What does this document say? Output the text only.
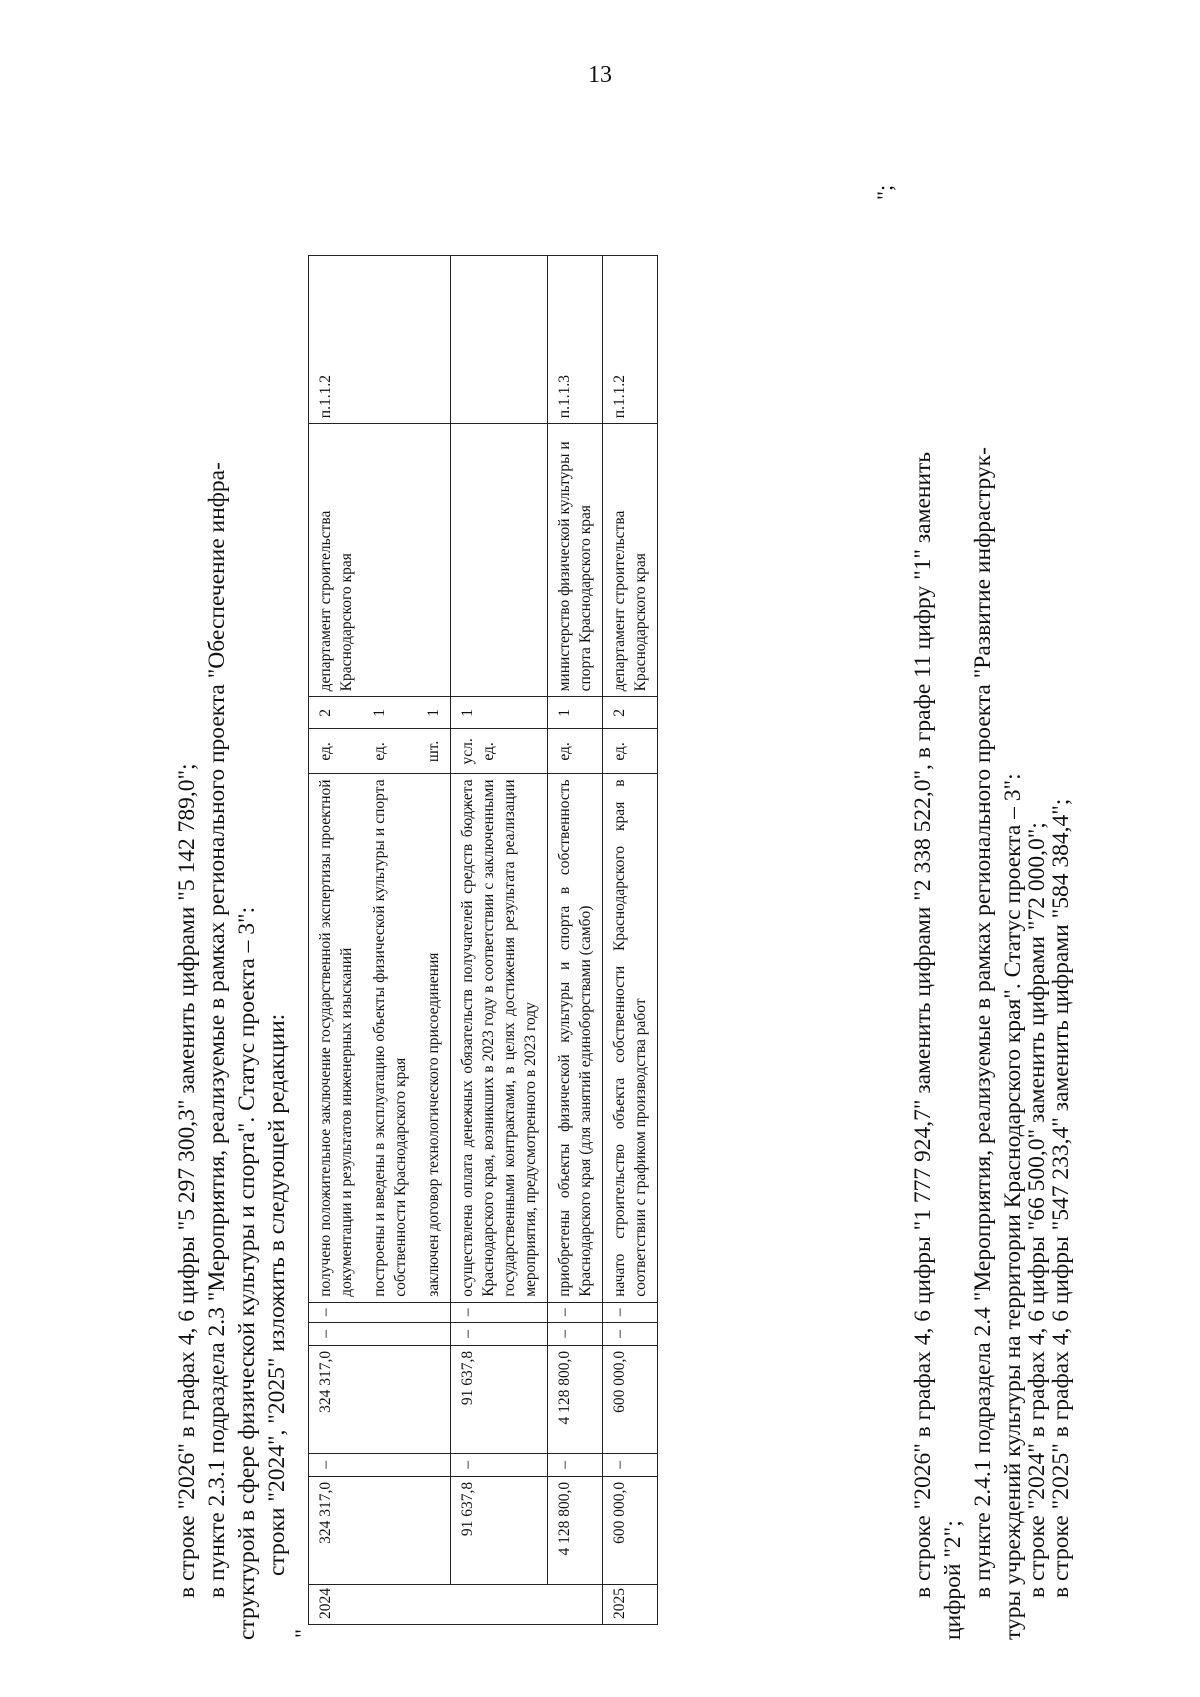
13
в строке "2026" в графах 4, 6 цифры "5 297 300,3" заменить цифрами "5 142 789,0"; в пункте 2.3.1 подраздела 2.3 "Мероприятия, реализуемые в рамках регионального проекта "Обеспечение инфра- структурой в сфере физической культуры и спорта". Статус проекта – 3": строки "2024", "2025" изложить в следующей редакции:
"
2024	324 317,0	–	324 317,0	–	–	получено положительное заключение государственной экспертизы проектной документации и результатов инженерных изысканий	ед.	2	департамент строительства Краснодарского края	п.1.1.2
						построены и введены в эксплуатацию объекты физической культуры и спорта собственности Краснодарского края	ед.	1		
						заключен договор технологического присоединения	шт.	1		
	91 637,8	–	91 637,8	–	–	осуществлена оплата денежных обязательств получателей средств бюджета Краснодарского края, возникших в 2023 году в соответствии с заключенными государственными контрактами, в целях достижения результата реализации мероприятия, предусмотренного в 2023 году	усл. ед.	1		
	4 128 800,0	–	4 128 800,0	–	–	приобретены объекты физической культуры и спорта в собственность Краснодарского края (для занятий единоборствами (самбо)	ед.	1	министерство физической культуры и спорта Краснодарского края	п.1.1.3
2025	600 000,0	–	600 000,0	–	–	начато строительство объекта собственности Краснодарского края в соответствии с графиком производства работ	ед.	2	департамент строительства Краснодарского края	п.1.1.2
";
в строке "2026" в графах 4, 6 цифры "1 777 924,7" заменить цифрами "2 338 522,0", в графе 11 цифру "1" заменить цифрой "2"; в пункте 2.4.1 подраздела 2.4 "Мероприятия, реализуемые в рамках регионального проекта "Развитие инфраструк- туры учреждений культуры на территории Краснодарского края". Статус проекта – 3":
в строке "2024" в графах 4, 6 цифры "66 500,0" заменить цифрами "72 000,0";
в строке "2025" в графах 4, 6 цифры "547 233,4" заменить цифрами "584 384,4";
